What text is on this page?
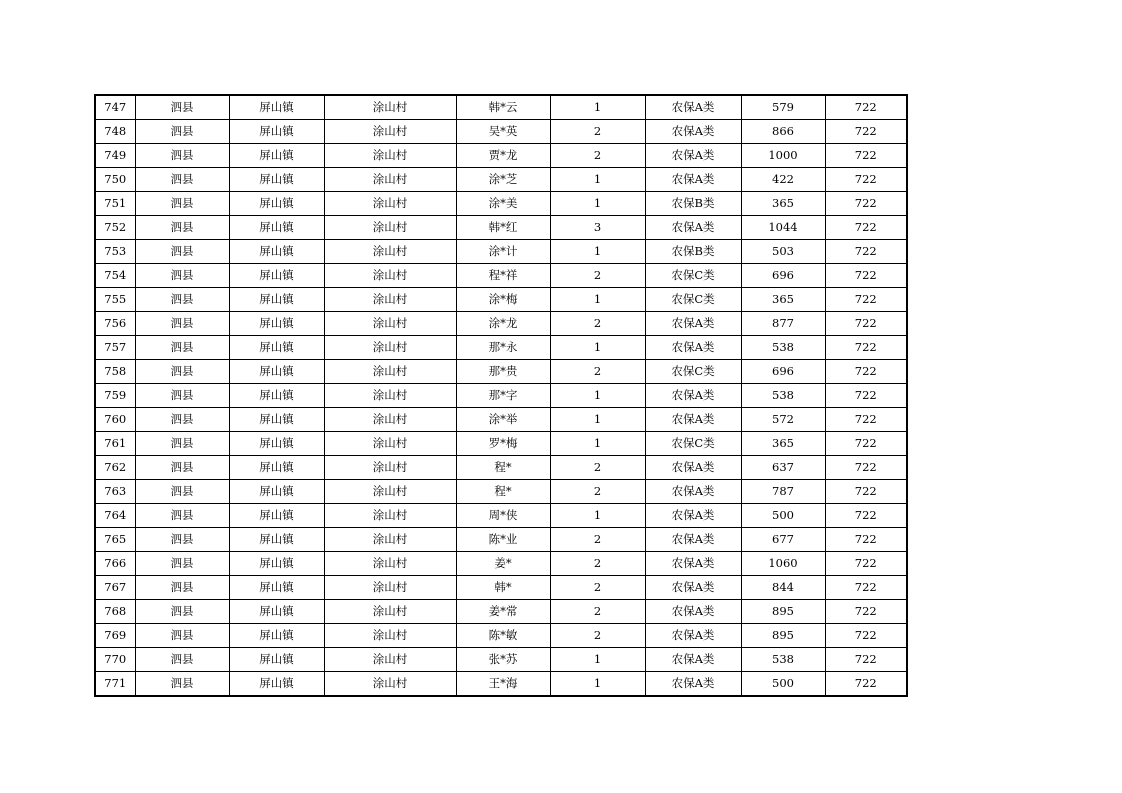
747	泗县	屏山镇	涂山村	韩*云	1	农保A类	579	722
748	泗县	屏山镇	涂山村	吴*英	2	农保A类	866	722
749	泗县	屏山镇	涂山村	贾*龙	2	农保A类	1000	722
750	泗县	屏山镇	涂山村	涂*芝	1	农保A类	422	722
751	泗县	屏山镇	涂山村	涂*美	1	农保B类	365	722
752	泗县	屏山镇	涂山村	韩*红	3	农保A类	1044	722
753	泗县	屏山镇	涂山村	涂*计	1	农保B类	503	722
754	泗县	屏山镇	涂山村	程*祥	2	农保C类	696	722
755	泗县	屏山镇	涂山村	涂*梅	1	农保C类	365	722
756	泗县	屏山镇	涂山村	涂*龙	2	农保A类	877	722
757	泗县	屏山镇	涂山村	那*永	1	农保A类	538	722
758	泗县	屏山镇	涂山村	那*贵	2	农保C类	696	722
759	泗县	屏山镇	涂山村	那*字	1	农保A类	538	722
760	泗县	屏山镇	涂山村	涂*举	1	农保A类	572	722
761	泗县	屏山镇	涂山村	罗*梅	1	农保C类	365	722
762	泗县	屏山镇	涂山村	程*	2	农保A类	637	722
763	泗县	屏山镇	涂山村	程*	2	农保A类	787	722
764	泗县	屏山镇	涂山村	周*侠	1	农保A类	500	722
765	泗县	屏山镇	涂山村	陈*业	2	农保A类	677	722
766	泗县	屏山镇	涂山村	姜*	2	农保A类	1060	722
767	泗县	屏山镇	涂山村	韩*	2	农保A类	844	722
768	泗县	屏山镇	涂山村	姜*常	2	农保A类	895	722
769	泗县	屏山镇	涂山村	陈*敏	2	农保A类	895	722
770	泗县	屏山镇	涂山村	张*苏	1	农保A类	538	722
771	泗县	屏山镇	涂山村	王*海	1	农保A类	500	722
